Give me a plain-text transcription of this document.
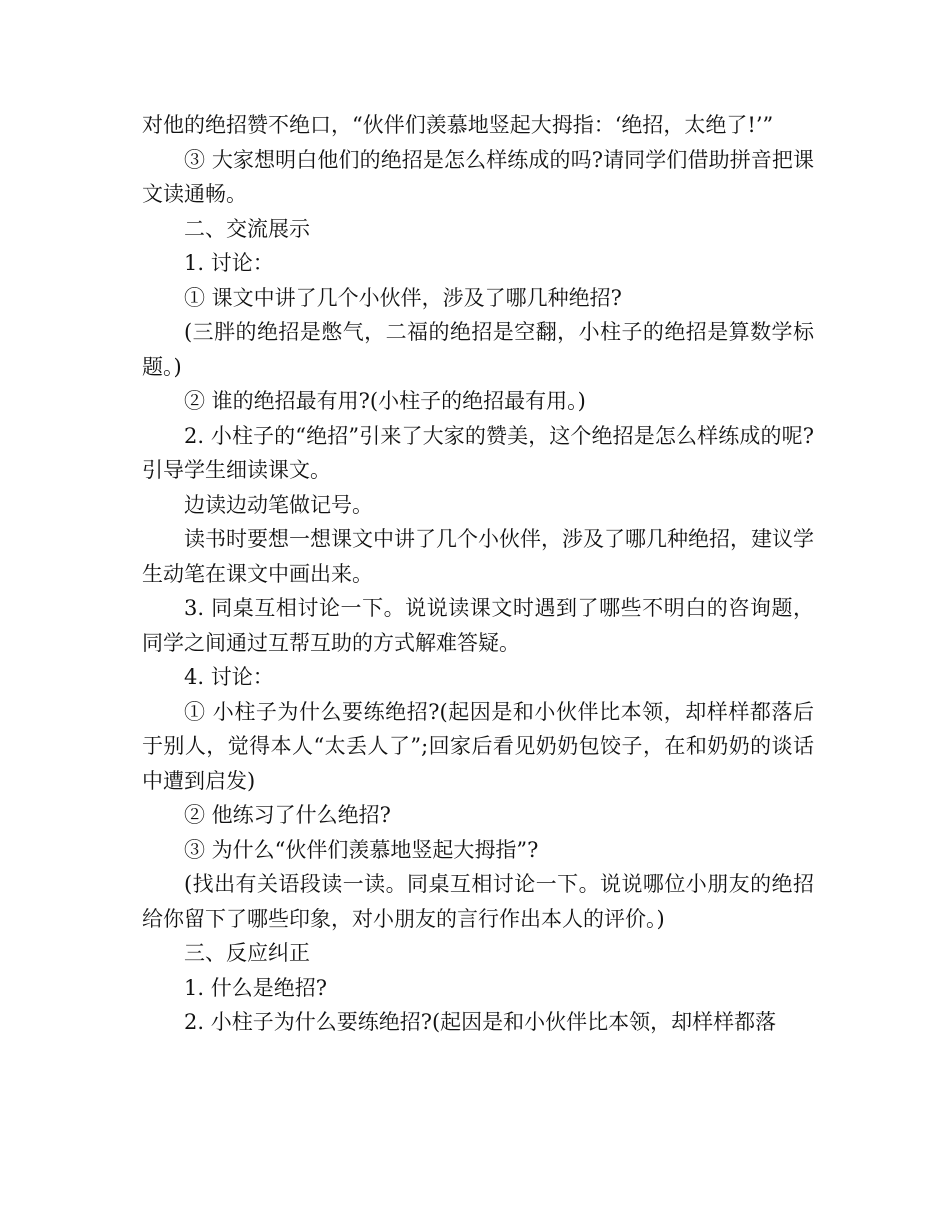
对他的绝招赞不绝口，“伙伴们羡慕地竖起大拇指：‘绝招，太绝了!’”

③ 大家想明白他们的绝招是怎么样练成的吗?请同学们借助拼音把课文读通畅。

二、交流展示

1. 讨论：

① 课文中讲了几个小伙伴，涉及了哪几种绝招?

(三胖的绝招是憋气，二福的绝招是空翻，小柱子的绝招是算数学标题。)

② 谁的绝招最有用?(小柱子的绝招最有用。)

2. 小柱子的“绝招”引来了大家的赞美，这个绝招是怎么样练成的呢?引导学生细读课文。

边读边动笔做记号。

读书时要想一想课文中讲了几个小伙伴，涉及了哪几种绝招，建议学生动笔在课文中画出来。

3. 同桌互相讨论一下。说说读课文时遇到了哪些不明白的咨询题，同学之间通过互帮互助的方式解难答疑。

4. 讨论：

① 小柱子为什么要练绝招?(起因是和小伙伴比本领，却样样都落后于别人，觉得本人“太丢人了”;回家后看见奶奶包饺子，在和奶奶的谈话中遭到启发)

② 他练习了什么绝招?

③ 为什么“伙伴们羡慕地竖起大拇指”?

(找出有关语段读一读。同桌互相讨论一下。说说哪位小朋友的绝招给你留下了哪些印象，对小朋友的言行作出本人的评价。)

三、反应纠正

1. 什么是绝招?

2. 小柱子为什么要练绝招?(起因是和小伙伴比本领，却样样都落
